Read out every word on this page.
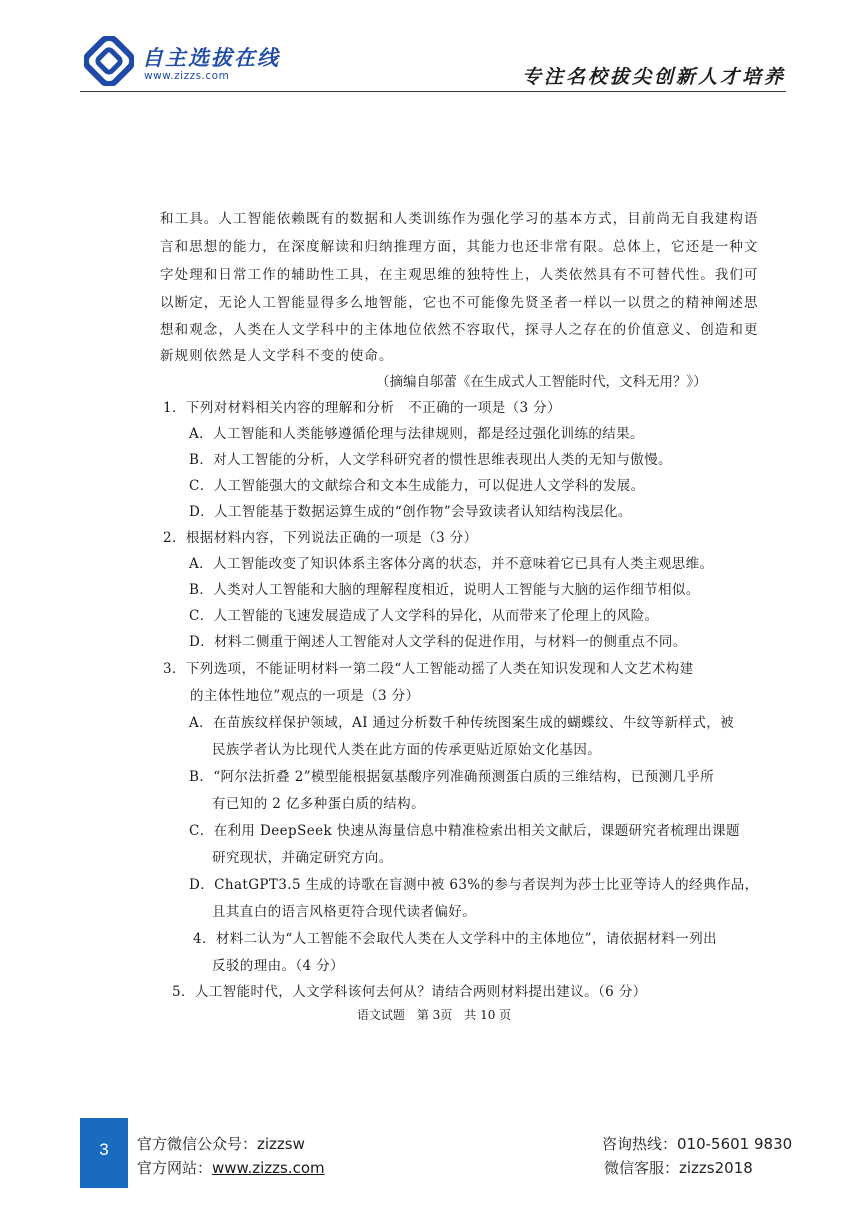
自主选拔在线
www.zizzs.com	专注名校拔尖创新人才培养
和工具。人工智能依赖既有的数据和人类训练作为强化学习的基本方式，目前尚无自我建构语
言和思想的能力，在深度解读和归纳推理方面，其能力也还非常有限。总体上，它还是一种文
字处理和日常工作的辅助性工具，在主观思维的独特性上，人类依然具有不可替代性。我们可
以断定，无论人工智能显得多么地智能，它也不可能像先贤圣者一样以一以贯之的精神阐述思
想和观念，人类在人文学科中的主体地位依然不容取代，探寻人之存在的价值意义、创造和更
新规则依然是人文学科不变的使命。
（摘编自邬蕾《在生成式人工智能时代，文科无用？》）
1．下列对材料相关内容的理解和分析　不正确的一项是（3 分）
A．人工智能和人类能够遵循伦理与法律规则，都是经过强化训练的结果。
B．对人工智能的分析，人文学科研究者的惯性思维表现出人类的无知与傲慢。
C．人工智能强大的文献综合和文本生成能力，可以促进人文学科的发展。
D．人工智能基于数据运算生成的“创作物”会导致读者认知结构浅层化。
2．根据材料内容，下列说法正确的一项是（3 分）
A．人工智能改变了知识体系主客体分离的状态，并不意味着它已具有人类主观思维。
B．人类对人工智能和大脑的理解程度相近，说明人工智能与大脑的运作细节相似。
C．人工智能的飞速发展造成了人文学科的异化，从而带来了伦理上的风险。
D．材料二侧重于阐述人工智能对人文学科的促进作用，与材料一的侧重点不同。
3．下列选项，不能证明材料一第二段“人工智能动摇了人类在知识发现和人文艺术构建
的主体性地位”观点的一项是（3 分）
A．在苗族纹样保护领域，AI 通过分析数千种传统图案生成的蝴蝶纹、牛纹等新样式，被
民族学者认为比现代人类在此方面的传承更贴近原始文化基因。
B．“阿尔法折叠 2”模型能根据氨基酸序列准确预测蛋白质的三维结构，已预测几乎所
有已知的 2 亿多种蛋白质的结构。
C．在利用 DeepSeek 快速从海量信息中精准检索出相关文献后，课题研究者梳理出课题
研究现状，并确定研究方向。
D．ChatGPT3.5 生成的诗歌在盲测中被 63%的参与者误判为莎士比亚等诗人的经典作品，
且其直白的语言风格更符合现代读者偏好。
4．材料二认为“人工智能不会取代人类在人文学科中的主体地位”，请依据材料一列出
反驳的理由。（4 分）
5．人工智能时代，人文学科该何去何从？请结合两则材料提出建议。（6 分）
语文试题　第 3页　共 10 页
3	官方微信公众号：zizzsw
官方网站：www.zizzs.com
咨询热线：010-5601 9830
微信客服：zizzs2018
